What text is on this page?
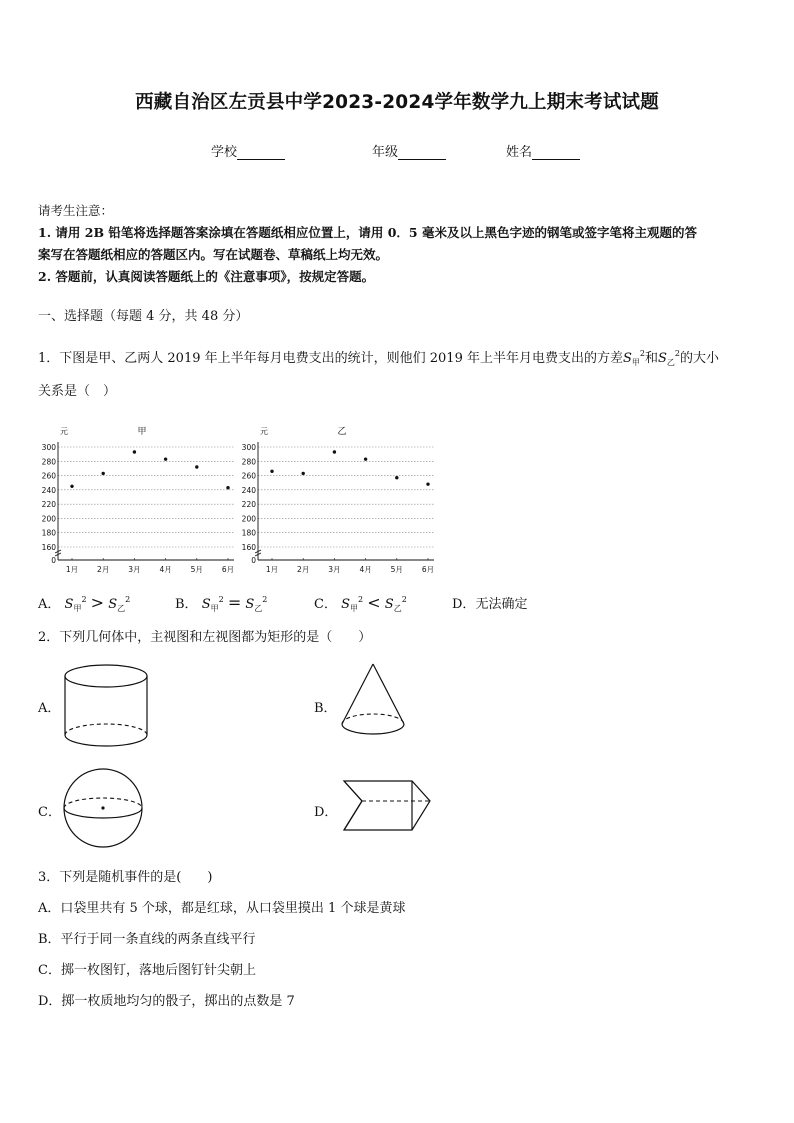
西藏自治区左贡县中学2023-2024学年数学九上期末考试试题
学校	年级	姓名
请考生注意：
1. 请用 2B 铅笔将选择题答案涂填在答题纸相应位置上，请用 0．5 毫米及以上黑色字迹的钢笔或签字笔将主观题的答
案写在答题纸相应的答题区内。写在试题卷、草稿纸上均无效。
2. 答题前，认真阅读答题纸上的《注意事项》，按规定答题。
一、选择题（每题 4 分，共 48 分）
1．下图是甲、乙两人 2019 年上半年每月电费支出的统计，则他们 2019 年上半年月电费支出的方差$S_甲^2$和$S_乙^2$的大小
关系是（　）
甲
元
0
160
180
200
220
240
260
280
300
1月	2月	3月	4月	5月	6月
乙
元
0
160
180
200
220
240
260
280
300
1月	2月	3月	4月	5月	6月
A． $S_甲^2 > S_乙^2$	B． $S_甲^2 = S_乙^2$	C． $S_甲^2 < S_乙^2$	D．无法确定
2．下列几何体中，主视图和左视图都为矩形的是（　　）
A．	B．
C．	D．
3．下列是随机事件的是(　　)
A．口袋里共有 5 个球，都是红球，从口袋里摸出 1 个球是黄球
B．平行于同一条直线的两条直线平行
C．掷一枚图钉，落地后图钉针尖朝上
D．掷一枚质地均匀的骰子，掷出的点数是 7
